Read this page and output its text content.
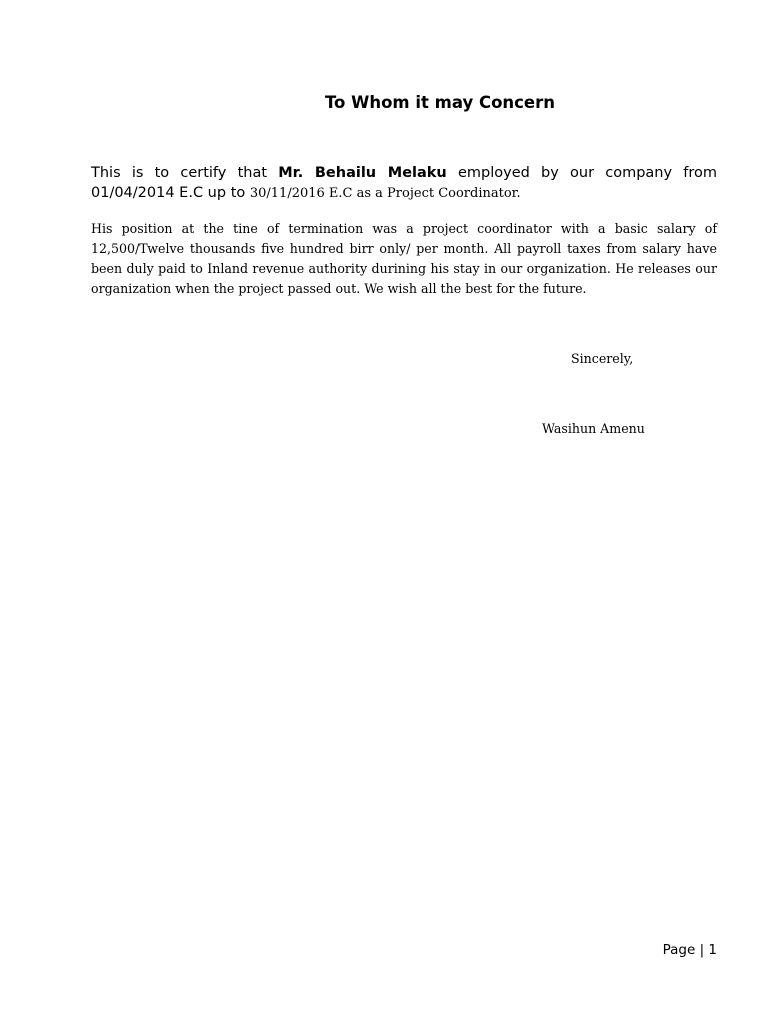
To Whom it may Concern
This is to certify that Mr. Behailu Melaku employed by our company from 01/04/2014 E.C up to 30/11/2016 E.C as a Project Coordinator.
His position at the tine of termination was a project coordinator with a basic salary of 12,500/Twelve thousands five hundred birr only/ per month. All payroll taxes from salary have been duly paid to Inland revenue authority durining his stay in our organization. He releases our organization when the project passed out. We wish all the best for the future.
Sincerely,
Wasihun Amenu
Page | 1
